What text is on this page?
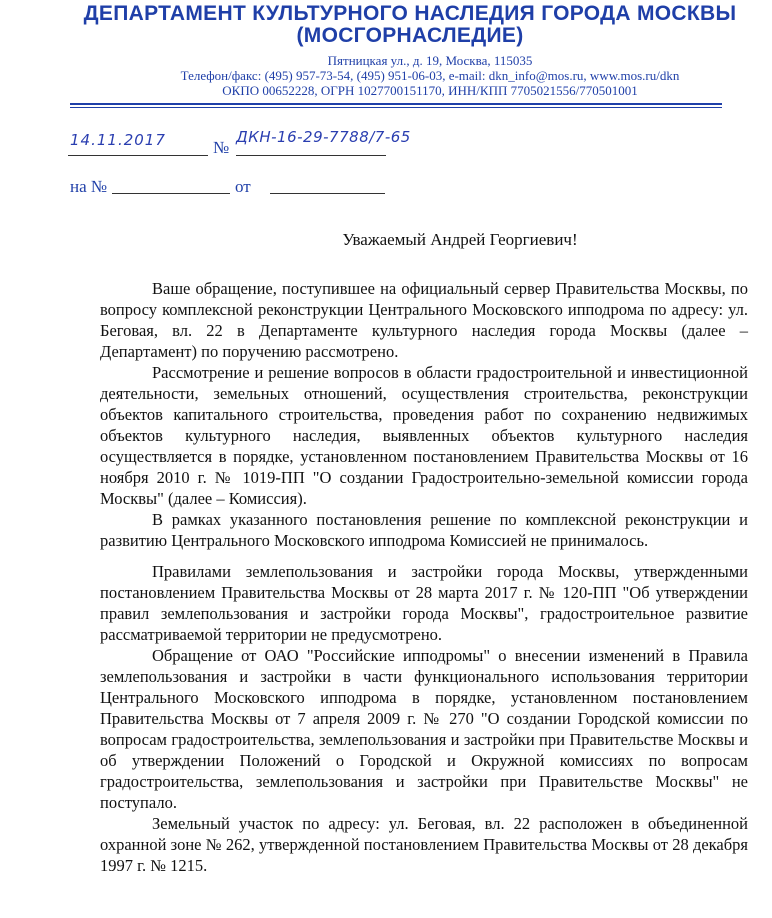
ДЕПАРТАМЕНТ КУЛЬТУРНОГО НАСЛЕДИЯ ГОРОДА МОСКВЫ
(МОСГОРНАСЛЕДИЕ)
Пятницкая ул., д. 19, Москва, 115035
Телефон/факс: (495) 957-73-54, (495) 951-06-03, e-mail: dkn_info@mos.ru, www.mos.ru/dkn
ОКПО 00652228, ОГРН 1027700151170, ИНН/КПП 7705021556/770501001
14.11.2017	№
ДКН-16-29-7788/7-65
на №	от
Уважаемый Андрей Георгиевич!

Ваше обращение, поступившее на официальный сервер Правительства Москвы, по вопросу комплексной реконструкции Центрального Московского ипподрома по адресу: ул. Беговая, вл. 22 в Департаменте культурного наследия города Москвы (далее – Департамент) по поручению рассмотрено.

Рассмотрение и решение вопросов в области градостроительной и инвестиционной деятельности, земельных отношений, осуществления строительства, реконструкции объектов капитального строительства, проведения работ по сохранению недвижимых объектов культурного наследия, выявленных объектов культурного наследия осуществляется в порядке, установленном постановлением Правительства Москвы от 16 ноября 2010 г. № 1019-ПП "О создании Градостроительно-земельной комиссии города Москвы" (далее – Комиссия).

В рамках указанного постановления решение по комплексной реконструкции и развитию Центрального Московского ипподрома Комиссией не принималось.

Правилами землепользования и застройки города Москвы, утвержденными постановлением Правительства Москвы от 28 марта 2017 г. № 120-ПП "Об утверждении правил землепользования и застройки города Москвы", градостроительное развитие рассматриваемой территории не предусмотрено.

Обращение от ОАО "Российские ипподромы" о внесении изменений в Правила землепользования и застройки в части функционального использования территории Центрального Московского ипподрома в порядке, установленном постановлением Правительства Москвы от 7 апреля 2009 г. № 270 "О создании Городской комиссии по вопросам градостроительства, землепользования и застройки при Правительстве Москвы и об утверждении Положений о Городской и Окружной комиссиях по вопросам градостроительства, землепользования и застройки при Правительстве Москвы" не поступало.

Земельный участок по адресу: ул. Беговая, вл. 22 расположен в объединенной охранной зоне № 262, утвержденной постановлением Правительства Москвы от 28 декабря 1997 г. № 1215.
